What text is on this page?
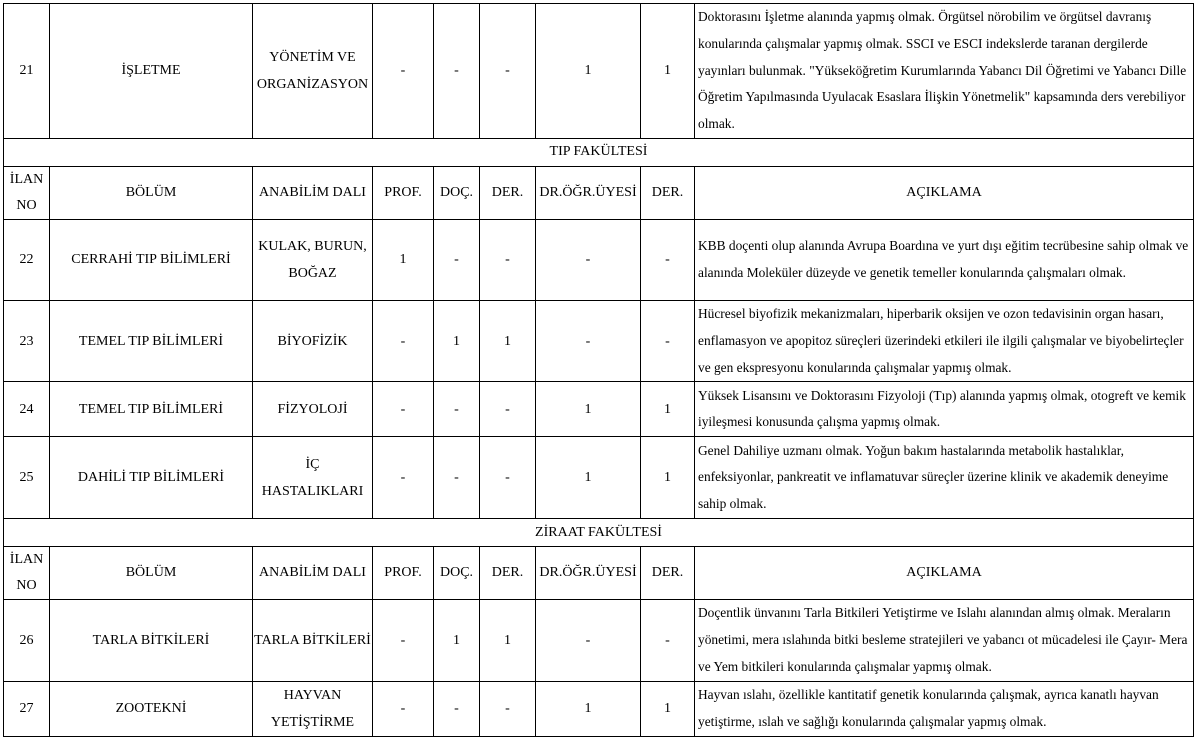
21	İŞLETME	YÖNETİM VE ORGANİZASYON	-	-	-	1	1	Doktorasını İşletme alanında yapmış olmak. Örgütsel nörobilim ve örgütsel davranış konularında çalışmalar yapmış olmak. SSCI ve ESCI indekslerde taranan dergilerde yayınları bulunmak. "Yükseköğretim Kurumlarında Yabancı Dil Öğretimi ve Yabancı Dille Öğretim Yapılmasında Uyulacak Esaslara İlişkin Yönetmelik" kapsamında ders verebiliyor olmak.
TIP FAKÜLTESİ								
İLAN NO	BÖLÜM	ANABİLİM DALI	PROF.	DOÇ.	DER.	DR.ÖĞR.ÜYESİ	DER.	AÇIKLAMA
22	CERRAHİ TIP BİLİMLERİ	KULAK, BURUN, BOĞAZ	1	-	-	-	-	KBB doçenti olup alanında Avrupa Boardına ve yurt dışı eğitim tecrübesine sahip olmak ve alanında Moleküler düzeyde ve genetik temeller konularında çalışmaları olmak.
23	TEMEL TIP BİLİMLERİ	BİYOFİZİK	-	1	1	-	-	Hücresel biyofizik mekanizmaları, hiperbarik oksijen ve ozon tedavisinin organ hasarı, enflamasyon ve apopitoz süreçleri üzerindeki etkileri ile ilgili çalışmalar ve biyobelirteçler ve gen ekspresyonu konularında çalışmalar yapmış olmak.
24	TEMEL TIP BİLİMLERİ	FİZYOLOJİ	-	-	-	1	1	Yüksek Lisansını ve Doktorasını Fizyoloji (Tıp) alanında yapmış olmak, otogreft ve kemik iyileşmesi konusunda çalışma yapmış olmak.
25	DAHİLİ TIP BİLİMLERİ	İÇ HASTALIKLARI	-	-	-	1	1	Genel Dahiliye uzmanı olmak. Yoğun bakım hastalarında metabolik hastalıklar, enfeksiyonlar, pankreatit ve inflamatuvar süreçler üzerine klinik ve akademik deneyime sahip olmak.
ZİRAAT FAKÜLTESİ								
İLAN NO	BÖLÜM	ANABİLİM DALI	PROF.	DOÇ.	DER.	DR.ÖĞR.ÜYESİ	DER.	AÇIKLAMA
26	TARLA BİTKİLERİ	TARLA BİTKİLERİ	-	1	1	-	-	Doçentlik ünvanını Tarla Bitkileri Yetiştirme ve Islahı alanından almış olmak. Meraların yönetimi, mera ıslahında bitki besleme stratejileri ve yabancı ot mücadelesi ile Çayır- Mera ve Yem bitkileri konularında çalışmalar yapmış olmak.
27	ZOOTEKNİ	HAYVAN YETİŞTİRME	-	-	-	1	1	Hayvan ıslahı, özellikle kantitatif genetik konularında çalışmak, ayrıca kanatlı hayvan yetiştirme, ıslah ve sağlığı konularında çalışmalar yapmış olmak.
